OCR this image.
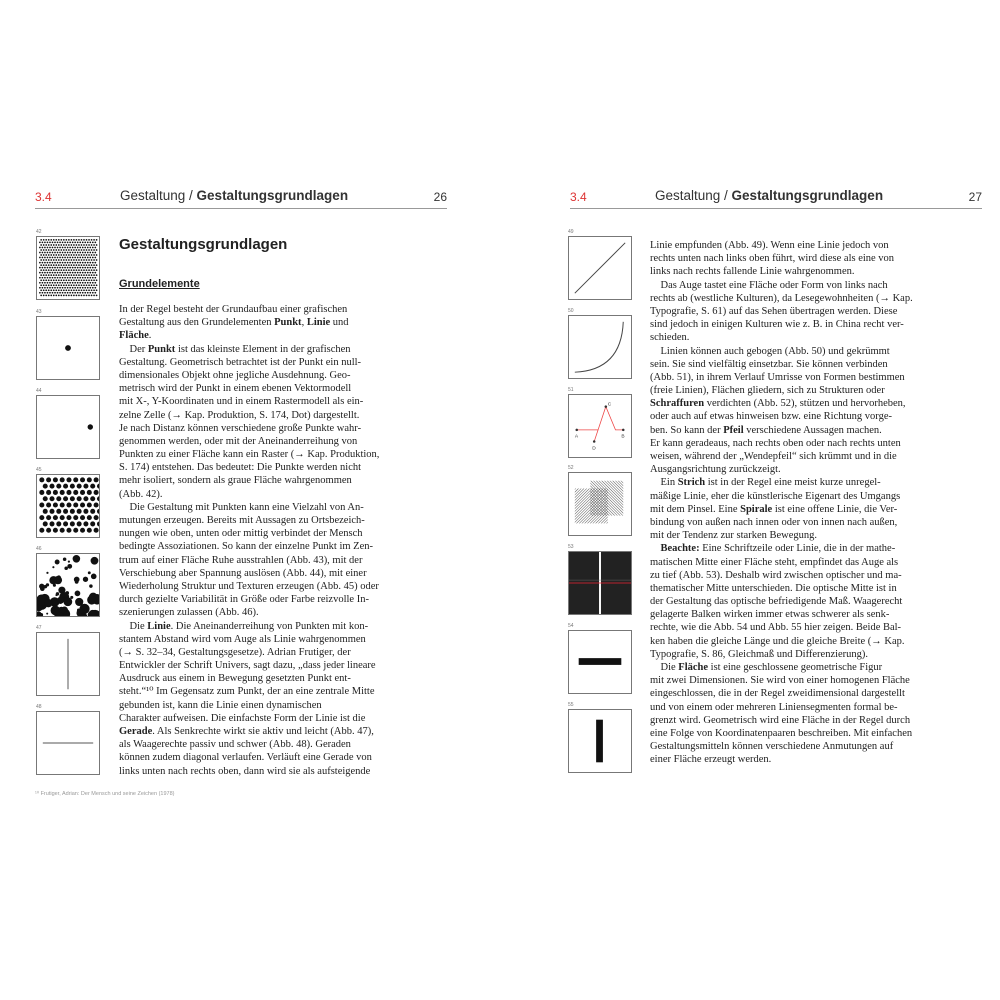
3.4	Gestaltung / Gestaltungsgrundlagen	26
Gestaltungsgrundlagen
Grundelemente
42
43
44
45
46
47
48
In der Regel besteht der Grundaufbau einer grafischen
Gestaltung aus den Grundelementen Punkt, Linie und
Fläche.
 Der Punkt ist das kleinste Element in der grafischen
Gestaltung. Geometrisch betrachtet ist der Punkt ein null-
dimensionales Objekt ohne jegliche Ausdehnung. Geo-
metrisch wird der Punkt in einem ebenen Vektormodell
mit X-, Y-Koordinaten und in einem Rastermodell als ein-
zelne Zelle (→ Kap. Produktion, S. 174, Dot) dargestellt.
Je nach Distanz können verschiedene große Punkte wahr-
genommen werden, oder mit der Aneinanderreihung von
Punkten zu einer Fläche kann ein Raster (→ Kap. Produktion,
S. 174) entstehen. Das bedeutet: Die Punkte werden nicht
mehr isoliert, sondern als graue Fläche wahrgenommen
(Abb. 42).
 Die Gestaltung mit Punkten kann eine Vielzahl von An-
mutungen erzeugen. Bereits mit Aussagen zu Ortsbezeich-
nungen wie oben, unten oder mittig verbindet der Mensch
bedingte Assoziationen. So kann der einzelne Punkt im Zen-
trum auf einer Fläche Ruhe ausstrahlen (Abb. 43), mit der
Verschiebung aber Spannung auslösen (Abb. 44), mit einer
Wiederholung Struktur und Texturen erzeugen (Abb. 45) oder
durch gezielte Variabilität in Größe oder Farbe reizvolle In-
szenierungen zulassen (Abb. 46).
 Die Linie. Die Aneinanderreihung von Punkten mit kon-
stantem Abstand wird vom Auge als Linie wahrgenommen
(→ S. 32–34, Gestaltungsgesetze). Adrian Frutiger, der
Entwickler der Schrift Univers, sagt dazu, „dass jeder lineare
Ausdruck aus einem in Bewegung gesetzten Punkt ent-
steht.“¹⁰ Im Gegensatz zum Punkt, der an eine zentrale Mitte
gebunden ist, kann die Linie einen dynamischen
Charakter aufweisen. Die einfachste Form der Linie ist die
Gerade. Als Senkrechte wirkt sie aktiv und leicht (Abb. 47),
als Waagerechte passiv und schwer (Abb. 48). Geraden
können zudem diagonal verlaufen. Verläuft eine Gerade von
links unten nach rechts oben, dann wird sie als aufsteigende
¹⁰ Frutiger, Adrian: Der Mensch und seine Zeichen (1978)
3.4	Gestaltung / Gestaltungsgrundlagen	27
49
50
51
A	B
C
D
52
53
54
55
Linie empfunden (Abb. 49). Wenn eine Linie jedoch von
rechts unten nach links oben führt, wird diese als eine von
links nach rechts fallende Linie wahrgenommen.
 Das Auge tastet eine Fläche oder Form von links nach
rechts ab (westliche Kulturen), da Lesegewohnheiten (→ Kap.
Typografie, S. 61) auf das Sehen übertragen werden. Diese
sind jedoch in einigen Kulturen wie z. B. in China recht ver-
schieden.
 Linien können auch gebogen (Abb. 50) und gekrümmt
sein. Sie sind vielfältig einsetzbar. Sie können verbinden
(Abb. 51), in ihrem Verlauf Umrisse von Formen bestimmen
(freie Linien), Flächen gliedern, sich zu Strukturen oder
Schraffuren verdichten (Abb. 52), stützen und hervorheben,
oder auch auf etwas hinweisen bzw. eine Richtung vorge-
ben. So kann der Pfeil verschiedene Aussagen machen.
Er kann geradeaus, nach rechts oben oder nach rechts unten
weisen, während der „Wendepfeil“ sich krümmt und in die
Ausgangsrichtung zurückzeigt.
 Ein Strich ist in der Regel eine meist kurze unregel-
mäßige Linie, eher die künstlerische Eigenart des Umgangs
mit dem Pinsel. Eine Spirale ist eine offene Linie, die Ver-
bindung von außen nach innen oder von innen nach außen,
mit der Tendenz zur starken Bewegung.
 Beachte: Eine Schriftzeile oder Linie, die in der mathe-
matischen Mitte einer Fläche steht, empfindet das Auge als
zu tief (Abb. 53). Deshalb wird zwischen optischer und ma-
thematischer Mitte unterschieden. Die optische Mitte ist in
der Gestaltung das optische befriedigende Maß. Waagerecht
gelagerte Balken wirken immer etwas schwerer als senk-
rechte, wie die Abb. 54 und Abb. 55 hier zeigen. Beide Bal-
ken haben die gleiche Länge und die gleiche Breite (→ Kap.
Typografie, S. 86, Gleichmaß und Differenzierung).
 Die Fläche ist eine geschlossene geometrische Figur
mit zwei Dimensionen. Sie wird von einer homogenen Fläche
eingeschlossen, die in der Regel zweidimensional dargestellt
und von einem oder mehreren Liniensegmenten formal be-
grenzt wird. Geometrisch wird eine Fläche in der Regel durch
eine Folge von Koordinatenpaaren beschreiben. Mit einfachen
Gestaltungsmitteln können verschiedene Anmutungen auf
einer Fläche erzeugt werden.
